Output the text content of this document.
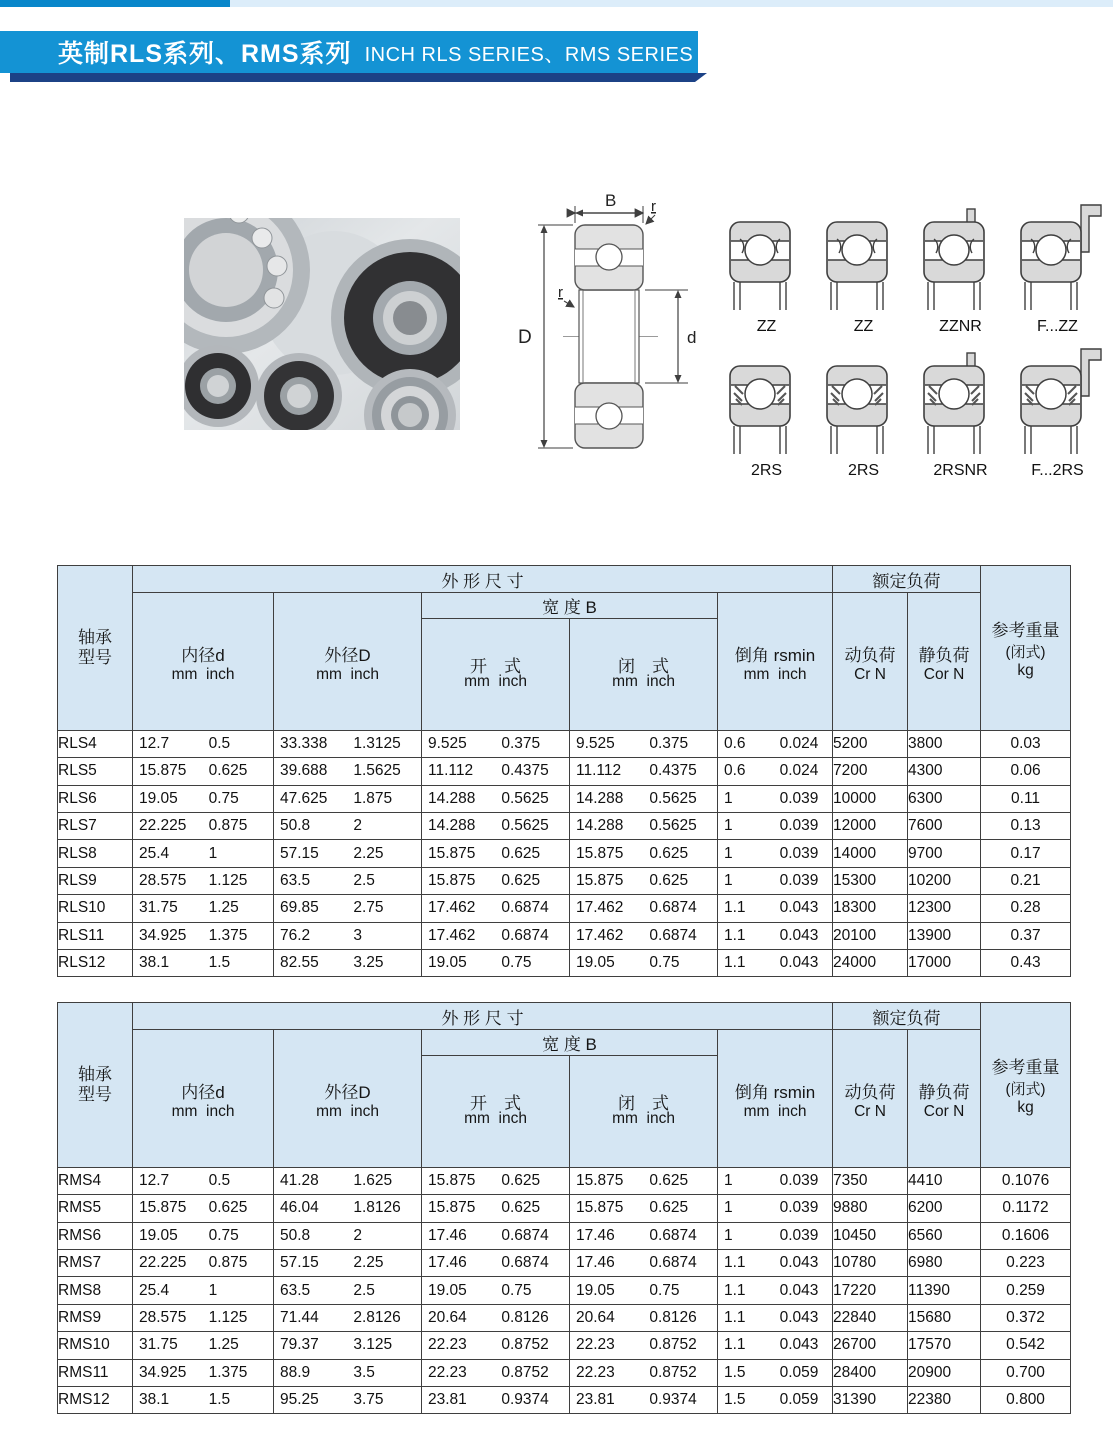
英制RLS系列、RMS系列 INCH RLS SERIES、RMS SERIES
B r
r
D	d
ZZ	ZZ	ZZNR	F...ZZ
2RS	2RS	2RSNR	F...2RS

轴承
型号

外 形 尺 寸	额定负荷

参考重量
(闭式)
kg

内径d
mm  inch

外径D
mm  inch

宽 度 B

倒角 rsmin
mm  inch

动负荷
Cr N

静负荷
Cor N

开　式
mm  inch

闭　式
mm  inch

RLS4	12.7 0.5	33.338 1.3125	9.525 0.375	9.525 0.375	0.6 0.024	5200	3800	0.03
RLS5	15.875 0.625	39.688 1.5625	11.112 0.4375	11.112 0.4375	0.6 0.024	7200	4300	0.06
RLS6	19.05 0.75	47.625 1.875	14.288 0.5625	14.288 0.5625	1 0.039	10000	6300	0.11
RLS7	22.225 0.875	50.8 2	14.288 0.5625	14.288 0.5625	1 0.039	12000	7600	0.13
RLS8	25.4 1	57.15 2.25	15.875 0.625	15.875 0.625	1 0.039	14000	9700	0.17
RLS9	28.575 1.125	63.5 2.5	15.875 0.625	15.875 0.625	1 0.039	15300	10200	0.21
RLS10	31.75 1.25	69.85 2.75	17.462 0.6874	17.462 0.6874	1.1 0.043	18300	12300	0.28
RLS11	34.925 1.375	76.2 3	17.462 0.6874	17.462 0.6874	1.1 0.043	20100	13900	0.37
RLS12	38.1 1.5	82.55 3.25	19.05 0.75	19.05 0.75	1.1 0.043	24000	17000	0.43

轴承
型号

外 形 尺 寸	额定负荷

参考重量
(闭式)
kg

内径d
mm  inch

外径D
mm  inch

宽 度 B

倒角 rsmin
mm  inch

动负荷
Cr N

静负荷
Cor N

开　式
mm  inch

闭　式
mm  inch

RMS4	12.7 0.5	41.28 1.625	15.875 0.625	15.875 0.625	1 0.039	7350	4410	0.1076
RMS5	15.875 0.625	46.04 1.8126	15.875 0.625	15.875 0.625	1 0.039	9880	6200	0.1172
RMS6	19.05 0.75	50.8 2	17.46 0.6874	17.46 0.6874	1 0.039	10450	6560	0.1606
RMS7	22.225 0.875	57.15 2.25	17.46 0.6874	17.46 0.6874	1.1 0.043	10780	6980	0.223
RMS8	25.4 1	63.5 2.5	19.05 0.75	19.05 0.75	1.1 0.043	17220	11390	0.259
RMS9	28.575 1.125	71.44 2.8126	20.64 0.8126	20.64 0.8126	1.1 0.043	22840	15680	0.372
RMS10	31.75 1.25	79.37 3.125	22.23 0.8752	22.23 0.8752	1.1 0.043	26700	17570	0.542
RMS11	34.925 1.375	88.9 3.5	22.23 0.8752	22.23 0.8752	1.5 0.059	28400	20900	0.700
RMS12	38.1 1.5	95.25 3.75	23.81 0.9374	23.81 0.9374	1.5 0.059	31390	22380	0.800
